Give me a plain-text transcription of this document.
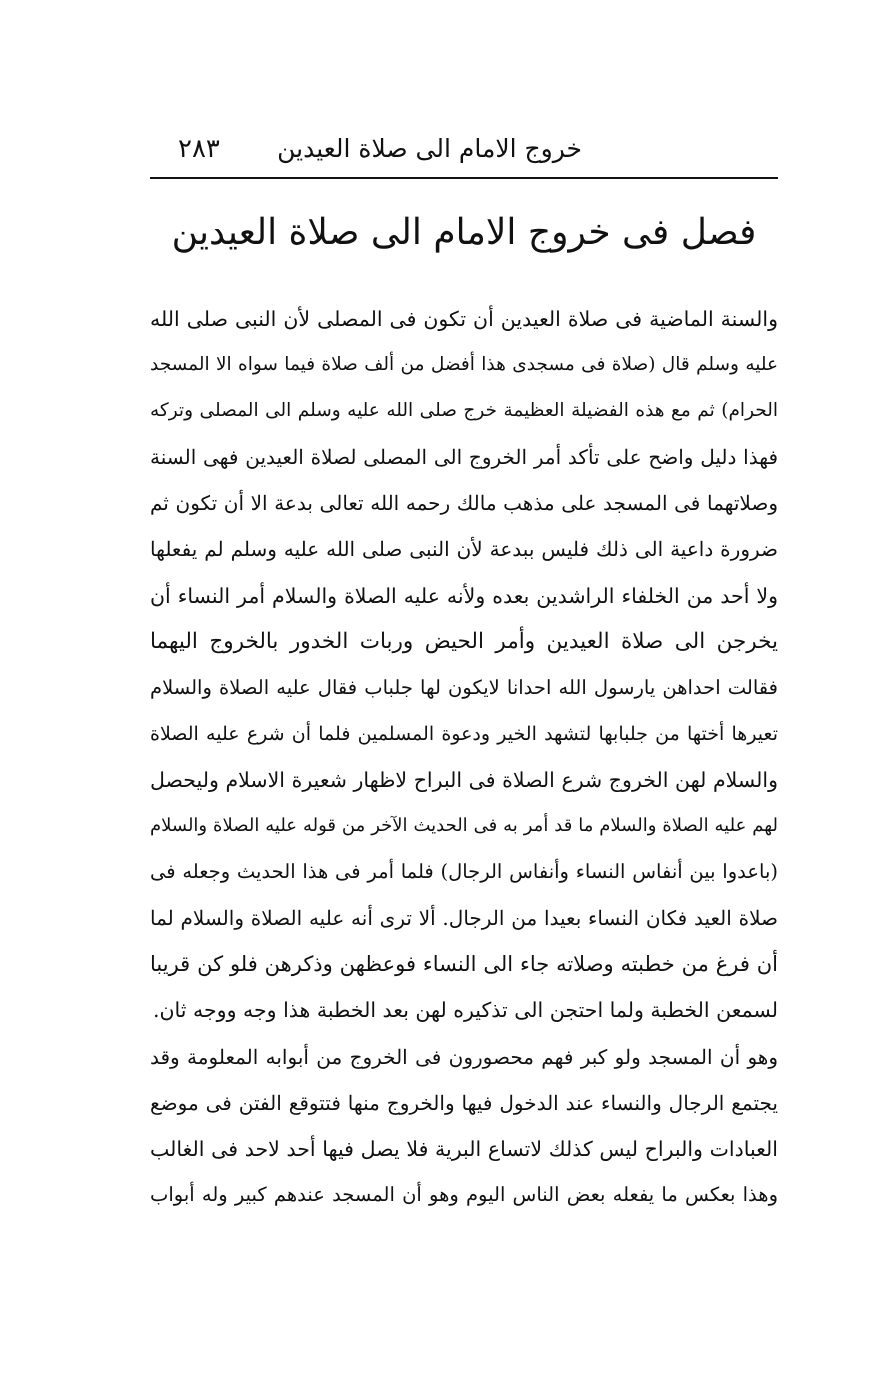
خروج الامام الى صلاة العيدين
٢٨٣
فصل فى خروج الامام الى صلاة العيدين
والسنة الماضية فى صلاة العيدين أن تكون فى المصلى لأن النبى صلى الله
عليه وسلم قال (صلاة فى مسجدى هذا أفضل من ألف صلاة فيما سواه الا المسجد
الحرام) ثم مع هذه الفضيلة العظيمة خرج صلى الله عليه وسلم الى المصلى وتركه
فهذا دليل واضح على تأكد أمر الخروج الى المصلى لصلاة العيدين فهى السنة
وصلاتهما فى المسجد على مذهب مالك رحمه الله تعالى بدعة الا أن تكون ثم
ضرورة داعية الى ذلك فليس ببدعة لأن النبى صلى الله عليه وسلم لم يفعلها
ولا أحد من الخلفاء الراشدين بعده ولأنه عليه الصلاة والسلام أمر النساء أن
يخرجن الى صلاة العيدين وأمر الحيض وربات الخدور بالخروج اليهما
فقالت احداهن يارسول الله احدانا لايكون لها جلباب فقال عليه الصلاة والسلام
تعيرها أختها من جلبابها لتشهد الخير ودعوة المسلمين فلما أن شرع عليه الصلاة
والسلام لهن الخروج شرع الصلاة فى البراح لاظهار شعيرة الاسلام وليحصل
لهم عليه الصلاة والسلام ما قد أمر به فى الحديث الآخر من قوله عليه الصلاة والسلام
(باعدوا بين أنفاس النساء وأنفاس الرجال) فلما أمر فى هذا الحديث وجعله فى
صلاة العيد فكان النساء بعيدا من الرجال. ألا ترى أنه عليه الصلاة والسلام لما
أن فرغ من خطبته وصلاته جاء الى النساء فوعظهن وذكرهن فلو كن قريبا
لسمعن الخطبة ولما احتجن الى تذكيره لهن بعد الخطبة هذا وجه ووجه ثان.
وهو أن المسجد ولو كبر فهم محصورون فى الخروج من أبوابه المعلومة وقد
يجتمع الرجال والنساء عند الدخول فيها والخروج منها فتتوقع الفتن فى موضع
العبادات والبراح ليس كذلك لاتساع البرية فلا يصل فيها أحد لاحد فى الغالب
وهذا بعكس ما يفعله بعض الناس اليوم وهو أن المسجد عندهم كبير وله أبواب
